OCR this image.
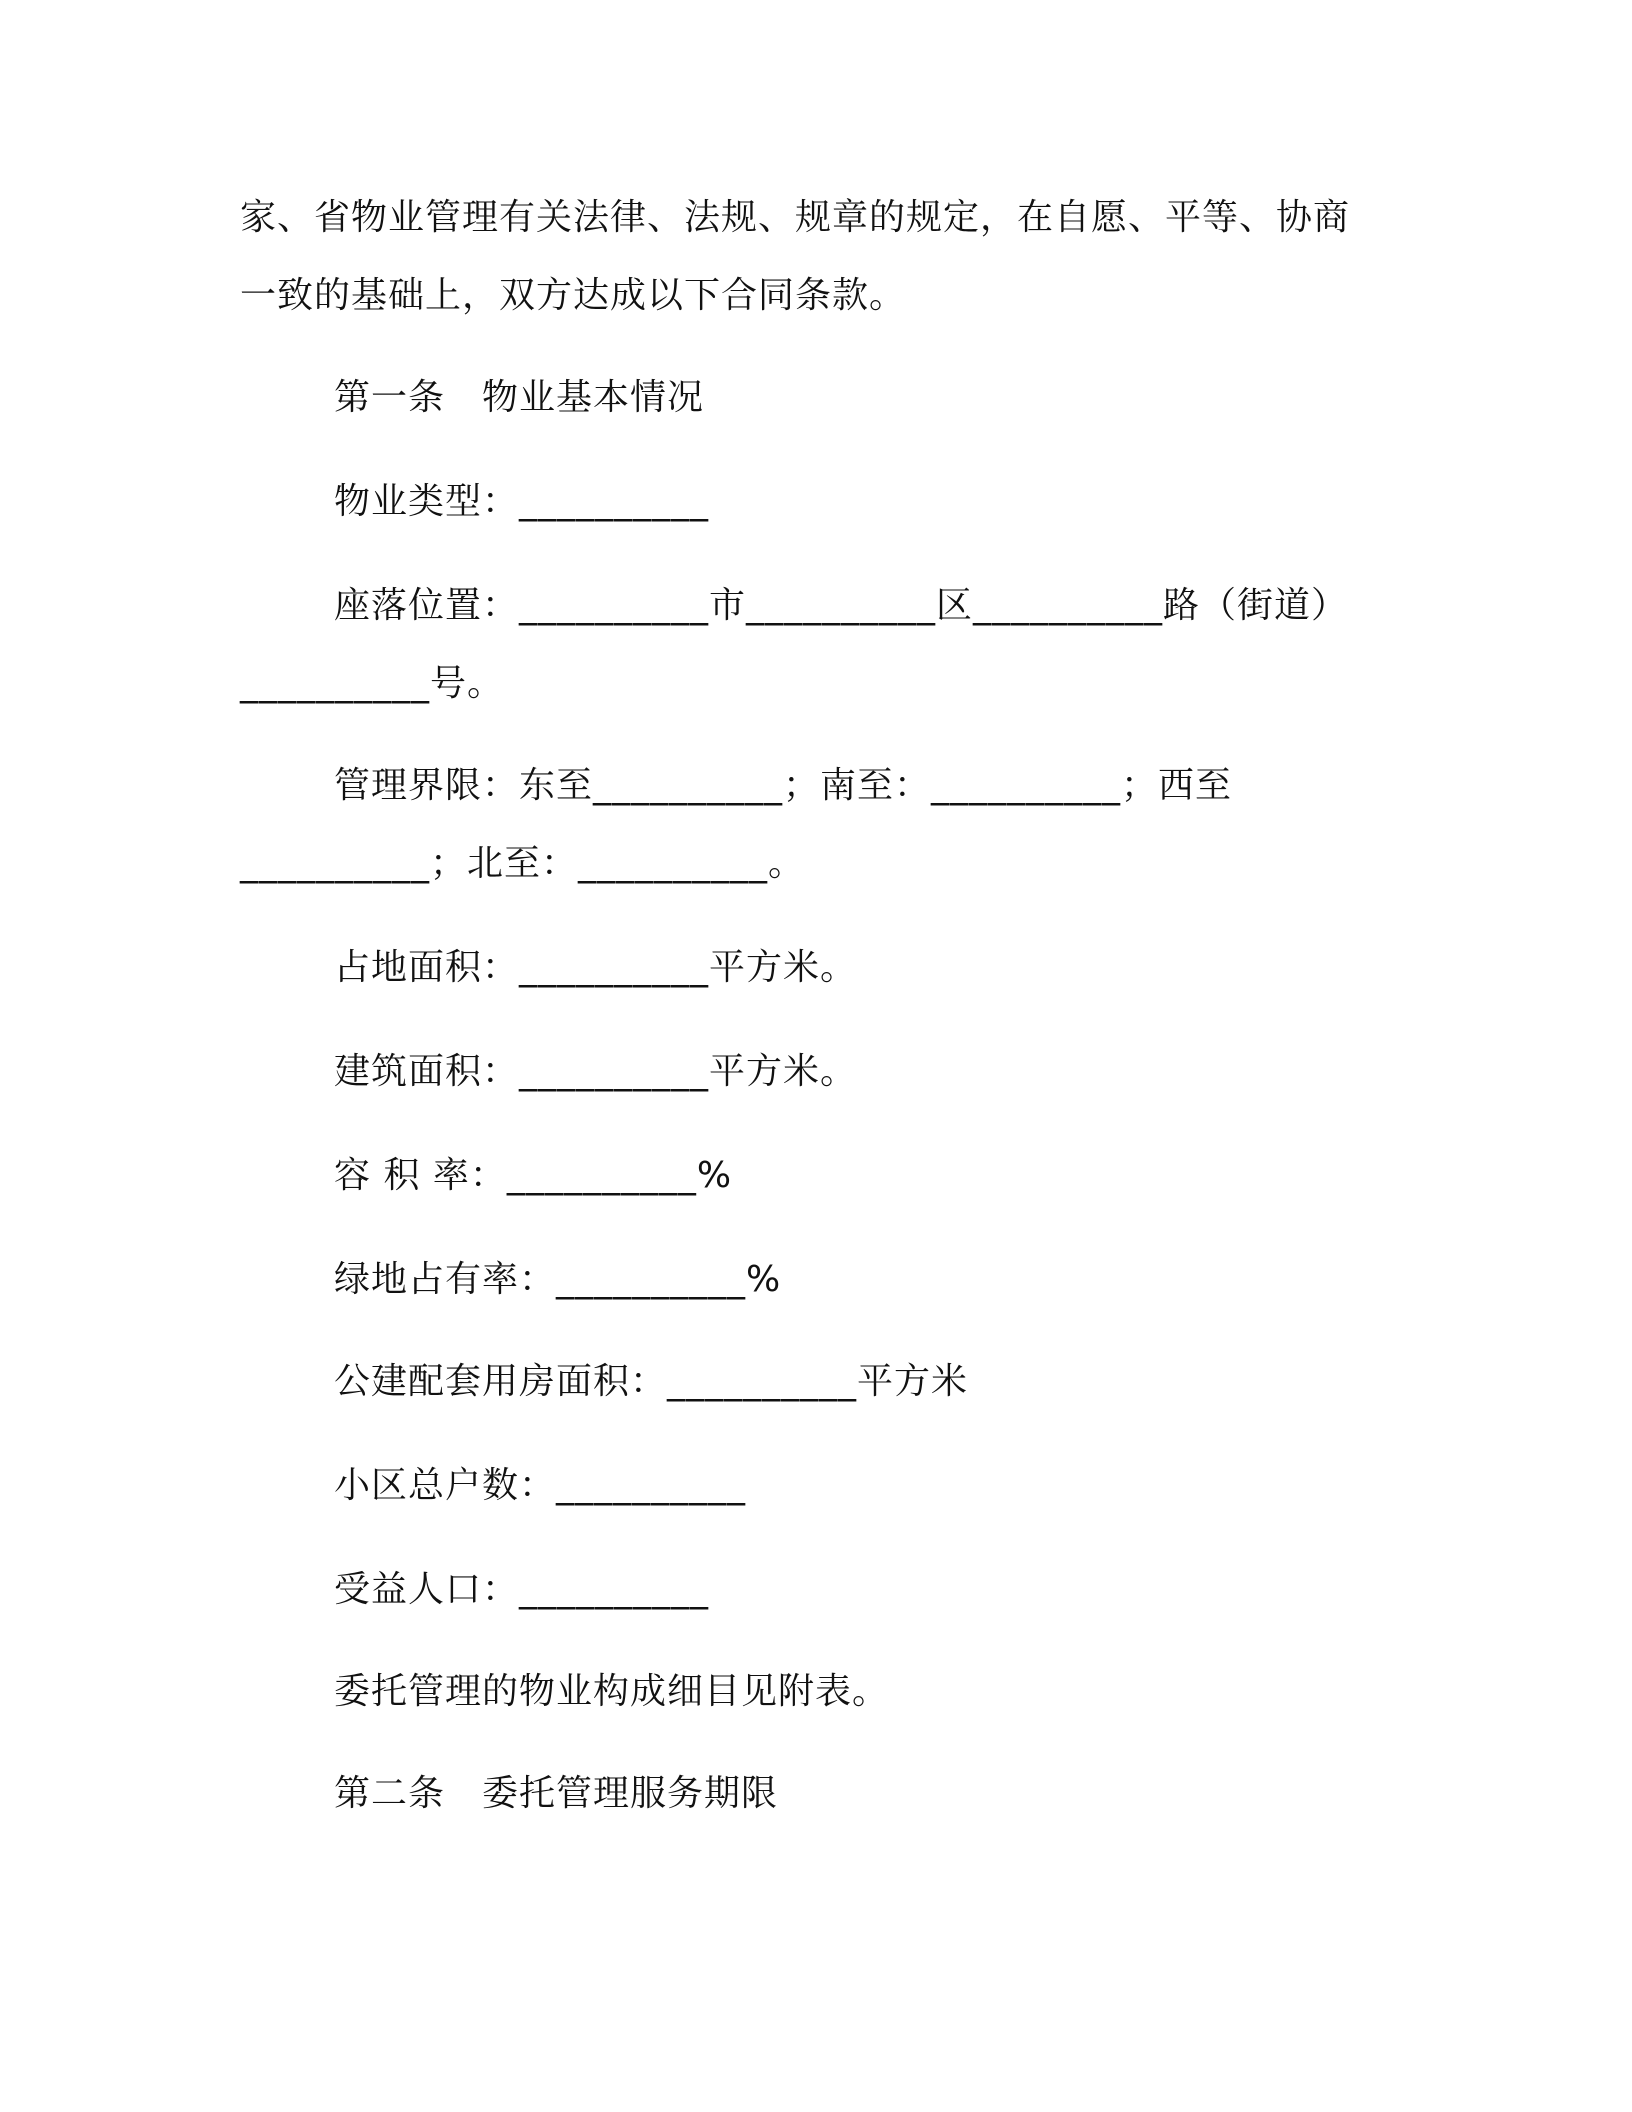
家、省物业管理有关法律、法规、规章的规定，在自愿、平等、协商
一致的基础上，双方达成以下合同条款。
第一条　物业基本情况
物业类型：__________
座落位置：__________市__________区__________路（街道）
__________号。
管理界限：东至__________；南至：__________；西至
__________；北至：__________。
占地面积：__________平方米。
建筑面积：__________平方米。
容 积 率：__________%
绿地占有率：__________%
公建配套用房面积：__________平方米
小区总户数：__________
受益人口：__________
委托管理的物业构成细目见附表。
第二条　委托管理服务期限
